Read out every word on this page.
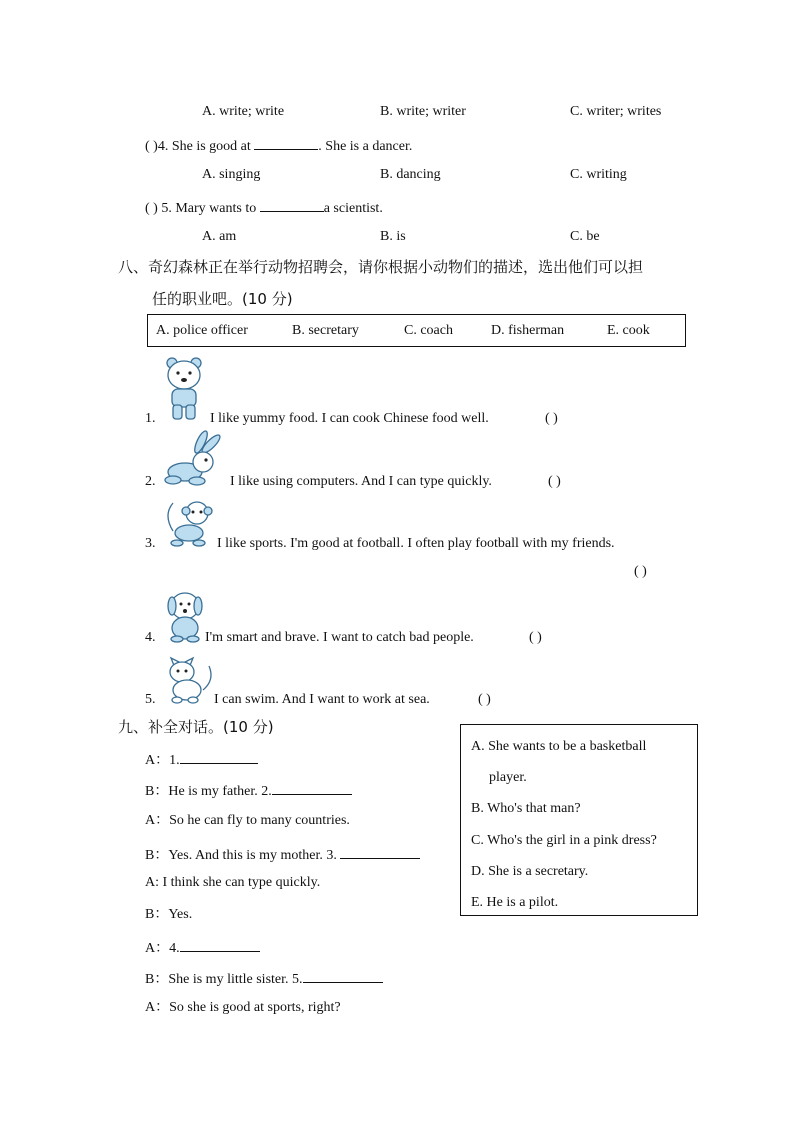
A. write; write	B. write; writer	C. writer; writes
( )4. She is good at	. She is a dancer.
A. singing	B. dancing	C. writing
( ) 5. Mary wants to	a scientist.
A. am	B. is	C. be
八、奇幻森林正在举行动物招聘会，请你根据小动物们的描述，选出他们可以担
任的职业吧。(10 分)
A. police officer	B. secretary	C. coach	D. fisherman	E. cook
1.	I like yummy food. I can cook Chinese food well.	( )
2.	I like using computers. And I can type quickly.	( )
3.	I like sports. I'm good at football. I often play football with my friends.
( )
4.	I'm smart and brave. I want to catch bad people.	( )
5.	I can swim. And I want to work at sea.	( )
九、补全对话。(10 分)
A：1.
B：He is my father. 2.
A：So he can fly to many countries.
B：Yes. And this is my mother. 3.
A: I think she can type quickly.
B：Yes.
A：4.
B：She is my little sister. 5.
A：So she is good at sports, right?
A. She wants to be a basketball
player.
B. Who's that man?
C. Who's the girl in a pink dress?
D. She is a secretary.
E. He is a pilot.
